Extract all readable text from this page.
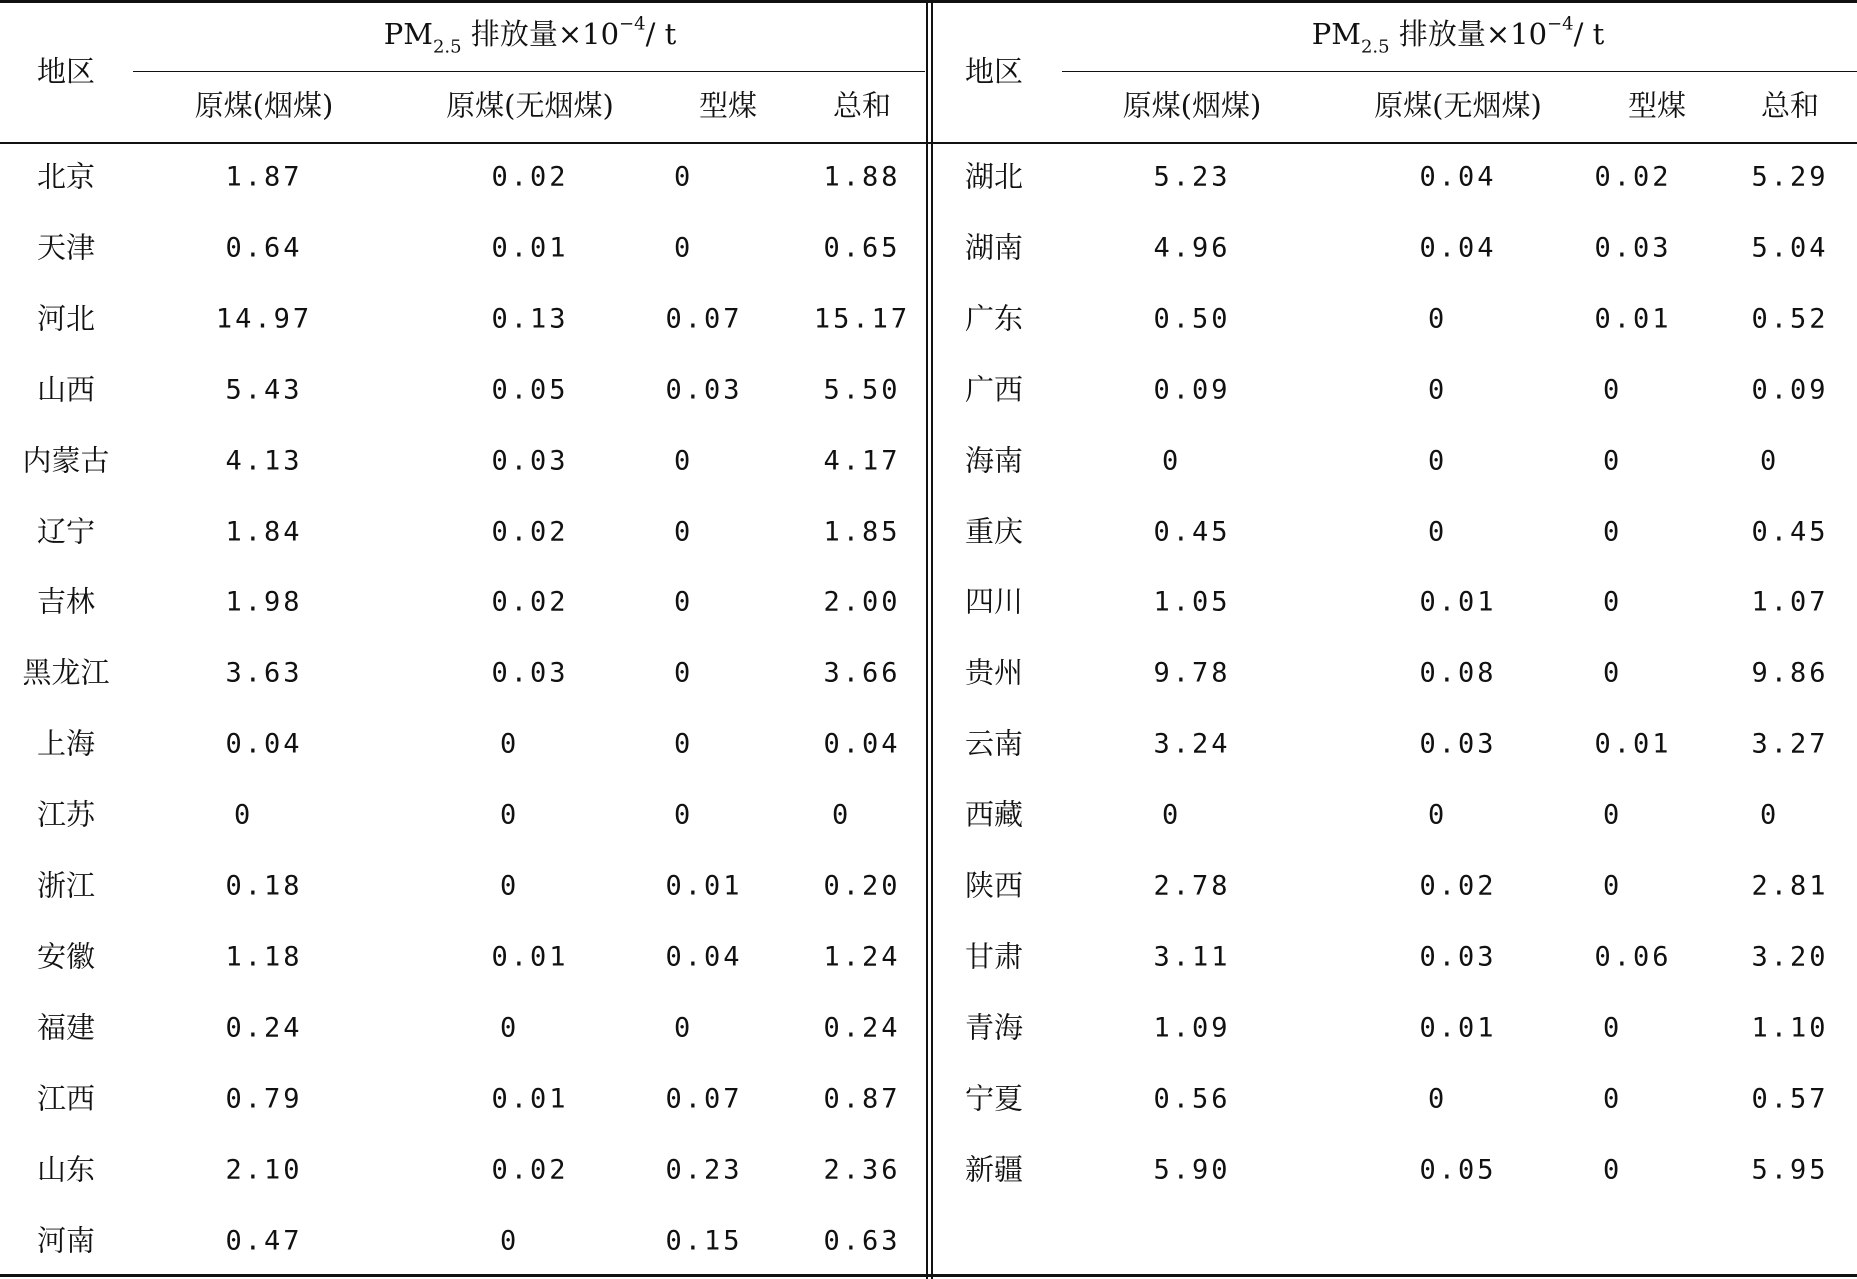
地区
$PM_{2.5}$ 排放量$\times 10^{-4}/$ t
原煤(烟煤)	原煤(无烟煤)	型煤	总和
地区
$PM_{2.5}$ 排放量$\times 10^{-4}/$ t
原煤(烟煤)	原煤(无烟煤)	型煤	总和
北京	1.87	0.02	0	1.88
天津	0.64	0.01	0	0.65
河北	14.97	0.13	0.07	15.17
山西	5.43	0.05	0.03	5.50
内蒙古	4.13	0.03	0	4.17
辽宁	1.84	0.02	0	1.85
吉林	1.98	0.02	0	2.00
黑龙江	3.63	0.03	0	3.66
上海	0.04	0	0	0.04
江苏	0	0	0	0
浙江	0.18	0	0.01	0.20
安徽	1.18	0.01	0.04	1.24
福建	0.24	0	0	0.24
江西	0.79	0.01	0.07	0.87
山东	2.10	0.02	0.23	2.36
河南	0.47	0	0.15	0.63
湖北	5.23	0.04	0.02	5.29
湖南	4.96	0.04	0.03	5.04
广东	0.50	0	0.01	0.52
广西	0.09	0	0	0.09
海南	0	0	0	0
重庆	0.45	0	0	0.45
四川	1.05	0.01	0	1.07
贵州	9.78	0.08	0	9.86
云南	3.24	0.03	0.01	3.27
西藏	0	0	0	0
陕西	2.78	0.02	0	2.81
甘肃	3.11	0.03	0.06	3.20
青海	1.09	0.01	0	1.10
宁夏	0.56	0	0	0.57
新疆	5.90	0.05	0	5.95
